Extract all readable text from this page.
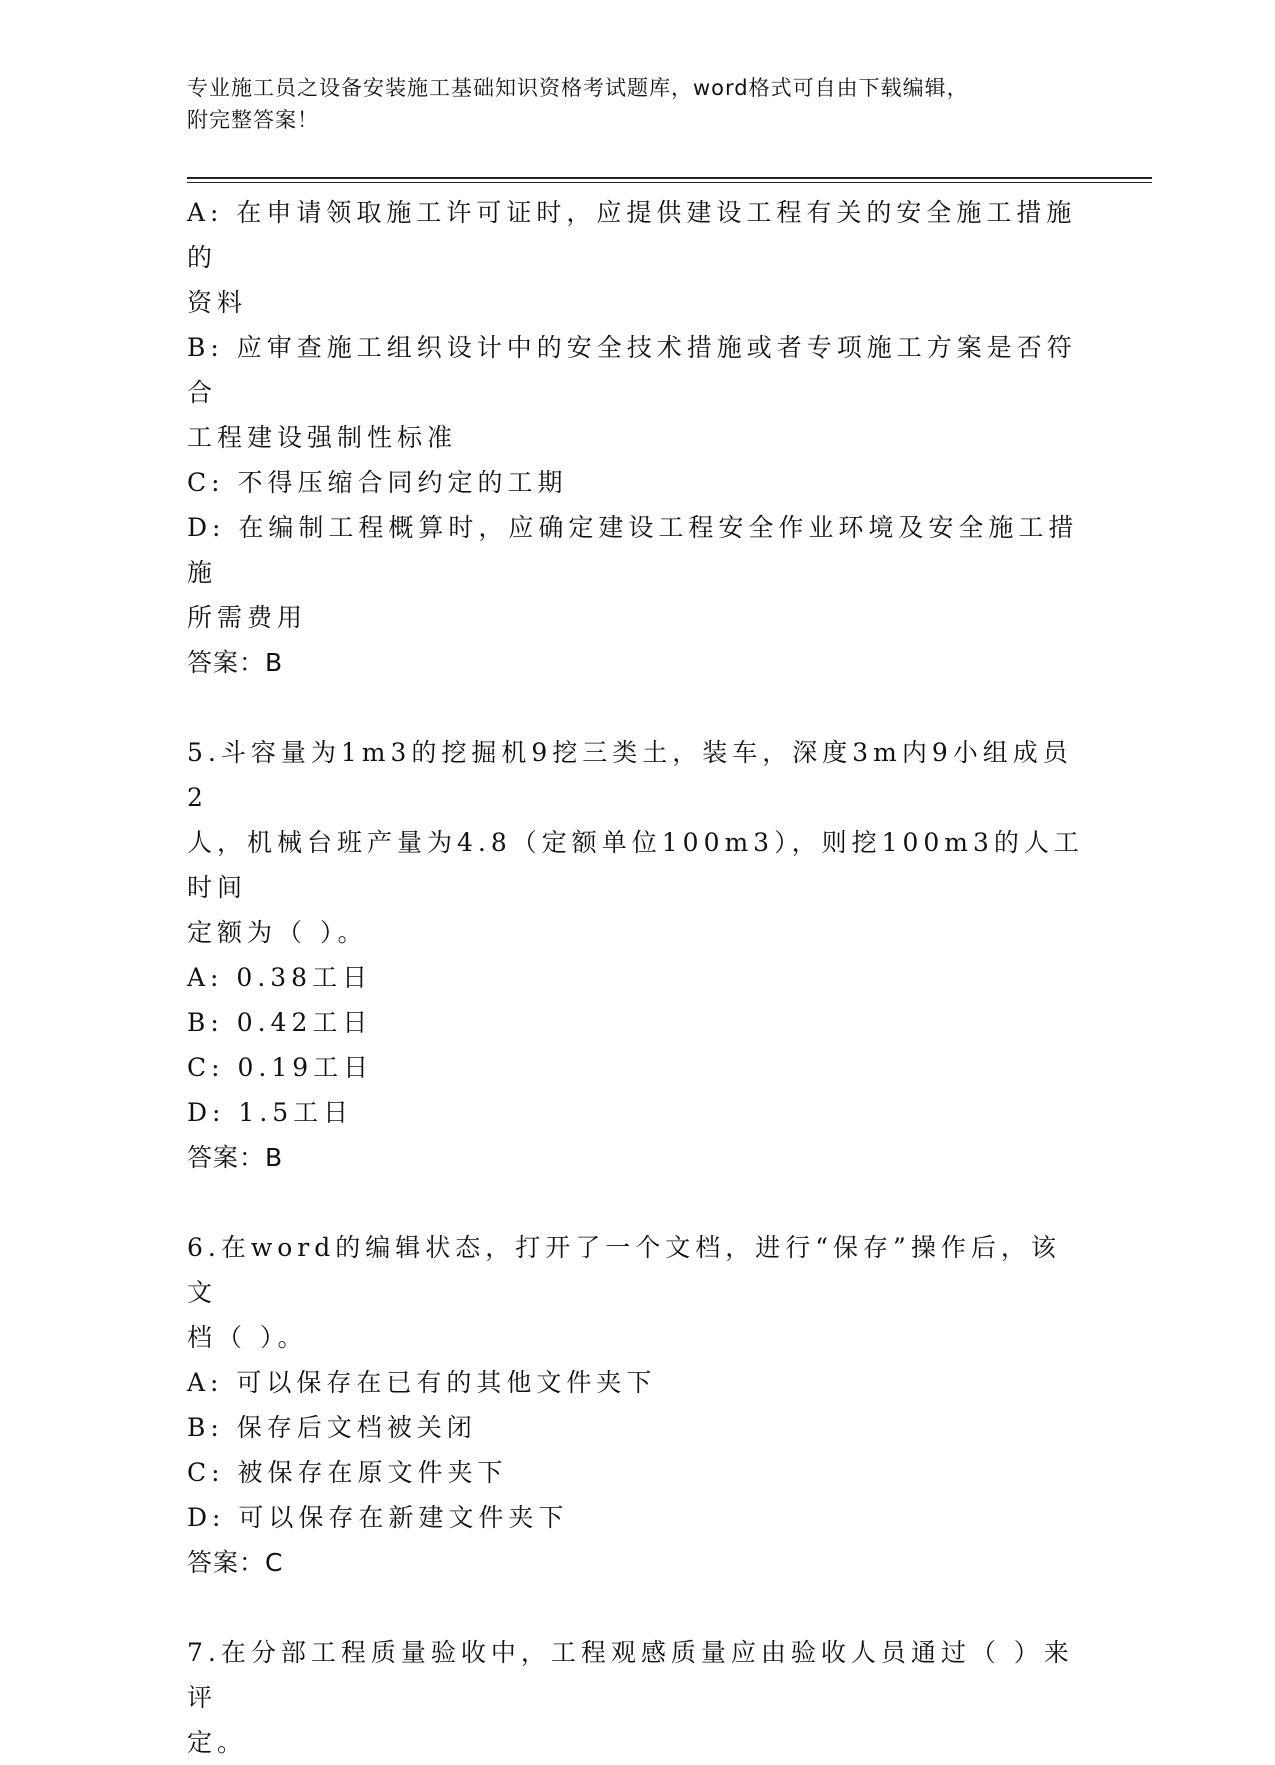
专业施工员之设备安装施工基础知识资格考试题库，word格式可自由下载编辑，
附完整答案！
A: 在申请领取施工许可证时，应提供建设工程有关的安全施工措施的
资料
B: 应审查施工组织设计中的安全技术措施或者专项施工方案是否符合
工程建设强制性标准
C: 不得压缩合同约定的工期
D: 在编制工程概算时，应确定建设工程安全作业环境及安全施工措施
所需费用
答案：B
5.斗容量为1m3的挖掘机9挖三类土，装车，深度3m内9小组成员2
人，机械台班产量为4.8（定额单位100m3），则挖100m3的人工时间
定额为（ ）。
A: 0.38工日
B: 0.42工日
C: 0.19工日
D: 1.5工日
答案：B
6.在word的编辑状态，打开了一个文档，进行“保存”操作后，该文
档（ ）。
A: 可以保存在已有的其他文件夹下
B: 保存后文档被关闭
C: 被保存在原文件夹下
D: 可以保存在新建文件夹下
答案：C
7.在分部工程质量验收中，工程观感质量应由验收人员通过（ ）来评
定。
